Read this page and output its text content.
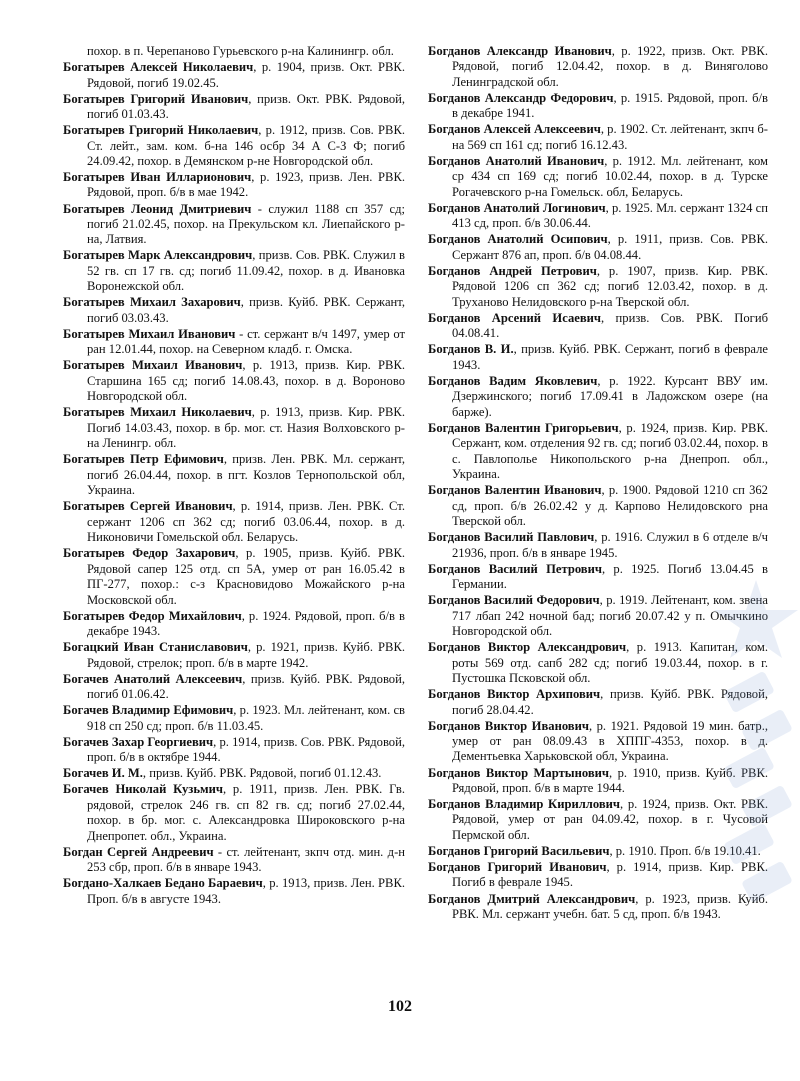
похор. в п. Черепаново Гурьевского р-на Калинингр. обл.

Богатырев Алексей Николаевич, р. 1904, призв. Окт. РВК. Рядовой, погиб 19.02.45.

Богатырев Григорий Иванович, призв. Окт. РВК. Рядовой, погиб 01.03.43.

Богатырев Григорий Николаевич, р. 1912, призв. Сов. РВК. Ст. лейт., зам. ком. б-на 146 осбр 34 А С-З Ф; погиб 24.09.42, похор. в Демянском р-не Новгородской обл.

Богатырев Иван Илларионович, р. 1923, призв. Лен. РВК. Рядовой, проп. б/в в мае 1942.

Богатырев Леонид Дмитриевич - служил 1188 сп 357 сд; погиб 21.02.45, похор. на Прекульском кл. Лиепайского р-на, Латвия.

Богатырев Марк Александрович, призв. Сов. РВК. Служил в 52 гв. сп 17 гв. сд; погиб 11.09.42, похор. в д. Ивановка Воронежской обл.

Богатырев Михаил Захарович, призв. Куйб. РВК. Сержант, погиб 03.03.43.

Богатырев Михаил Иванович - ст. сержант в/ч 1497, умер от ран 12.01.44, похор. на Северном кладб. г. Омска.

Богатырев Михаил Иванович, р. 1913, призв. Кир. РВК. Старшина 165 сд; погиб 14.08.43, похор. в д. Вороново Новгородской обл.

Богатырев Михаил Николаевич, р. 1913, призв. Кир. РВК. Погиб 14.03.43, похор. в бр. мог. ст. Назия Волховского р-на Ленингр. обл.

Богатырев Петр Ефимович, призв. Лен. РВК. Мл. сержант, погиб 26.04.44, похор. в пгт. Козлов Тернопольской обл, Украина.

Богатырев Сергей Иванович, р. 1914, призв. Лен. РВК. Ст. сержант 1206 сп 362 сд; погиб 03.06.44, похор. в д. Никоновичи Гомельской обл. Беларусь.

Богатырев Федор Захарович, р. 1905, призв. Куйб. РВК. Рядовой сапер 125 отд. сп 5А, умер от ран 16.05.42 в ПГ-277, похор.: с-з Красновидово Можайского р-на Московской обл.

Богатырев Федор Михайлович, р. 1924. Рядовой, проп. б/в в декабре 1943.

Богацкий Иван Станиславович, р. 1921, призв. Куйб. РВК. Рядовой, стрелок; проп. б/в в марте 1942.

Богачев Анатолий Алексеевич, призв. Куйб. РВК. Рядовой, погиб 01.06.42.

Богачев Владимир Ефимович, р. 1923. Мл. лейтенант, ком. св 918 сп 250 сд; проп. б/в 11.03.45.

Богачев Захар Георгиевич, р. 1914, призв. Сов. РВК. Рядовой, проп. б/в в октябре 1944.

Богачев И. М., призв. Куйб. РВК. Рядовой, погиб 01.12.43.

Богачев Николай Кузьмич, р. 1911, призв. Лен. РВК. Гв. рядовой, стрелок 246 гв. сп 82 гв. сд; погиб 27.02.44, похор. в бр. мог. с. Александровка Широковского р-на Днепропет. обл., Украина.

Богдан Сергей Андреевич - ст. лейтенант, зкпч отд. мин. д-н 253 сбр, проп. б/в в январе 1943.

Богдано-Халкаев Бедано Бараевич, р. 1913, призв. Лен. РВК. Проп. б/в в августе 1943.

Богданов Александр Иванович, р. 1922, призв. Окт. РВК. Рядовой, погиб 12.04.42, похор. в д. Виняголово Ленинградской обл.

Богданов Александр Федорович, р. 1915. Рядовой, проп. б/в в декабре 1941.

Богданов Алексей Алексеевич, р. 1902. Ст. лейтенант, зкпч б-на 569 сп 161 сд; погиб 16.12.43.

Богданов Анатолий Иванович, р. 1912. Мл. лейтенант, ком ср 434 сп 169 сд; погиб 10.02.44, похор. в д. Турске Рогачевского р-на Гомельск. обл, Беларусь.

Богданов Анатолий Логинович, р. 1925. Мл. сержант 1324 сп 413 сд, проп. б/в 30.06.44.

Богданов Анатолий Осипович, р. 1911, призв. Сов. РВК. Сержант 876 ап, проп. б/в 04.08.44.

Богданов Андрей Петрович, р. 1907, призв. Кир. РВК. Рядовой 1206 сп 362 сд; погиб 12.03.42, похор. в д. Труханово Нелидовского р-на Тверской обл.

Богданов Арсений Исаевич, призв. Сов. РВК. Погиб 04.08.41.

Богданов В. И., призв. Куйб. РВК. Сержант, погиб в феврале 1943.

Богданов Вадим Яковлевич, р. 1922. Курсант ВВУ им. Дзержинского; погиб 17.09.41 в Ладожском озере (на барже).

Богданов Валентин Григорьевич, р. 1924, призв. Кир. РВК. Сержант, ком. отделения 92 гв. сд; погиб 03.02.44, похор. в с. Павлополье Никопольского р-на Днепроп. обл., Украина.

Богданов Валентин Иванович, р. 1900. Рядовой 1210 сп 362 сд, проп. б/в 26.02.42 у д. Карпово Нелидовского рна Тверской обл.

Богданов Василий Павлович, р. 1916. Служил в 6 отделе в/ч 21936, проп. б/в в январе 1945.

Богданов Василий Петрович, р. 1925. Погиб 13.04.45 в Германии.

Богданов Василий Федорович, р. 1919. Лейтенант, ком. звена 717 лбап 242 ночной бад; погиб 20.07.42 у п. Омычкино Новгородской обл.

Богданов Виктор Александрович, р. 1913. Капитан, ком. роты 569 отд. сапб 282 сд; погиб 19.03.44, похор. в г. Пустошка Псковской обл.

Богданов Виктор Архипович, призв. Куйб. РВК. Рядовой, погиб 28.04.42.

Богданов Виктор Иванович, р. 1921. Рядовой 19 мин. батр., умер от ран 08.09.43 в ХППГ-4353, похор. в д. Дементьевка Харьковской обл, Украина.

Богданов Виктор Мартынович, р. 1910, призв. Куйб. РВК. Рядовой, проп. б/в в марте 1944.

Богданов Владимир Кириллович, р. 1924, призв. Окт. РВК. Рядовой, умер от ран 04.09.42, похор. в г. Чусовой Пермской обл.

Богданов Григорий Васильевич, р. 1910. Проп. б/в 19.10.41.

Богданов Григорий Иванович, р. 1914, призв. Кир. РВК. Погиб в феврале 1945.

Богданов Дмитрий Александрович, р. 1923, призв. Куйб. РВК. Мл. сержант учебн. бат. 5 сд, проп. б/в 1943.

102
